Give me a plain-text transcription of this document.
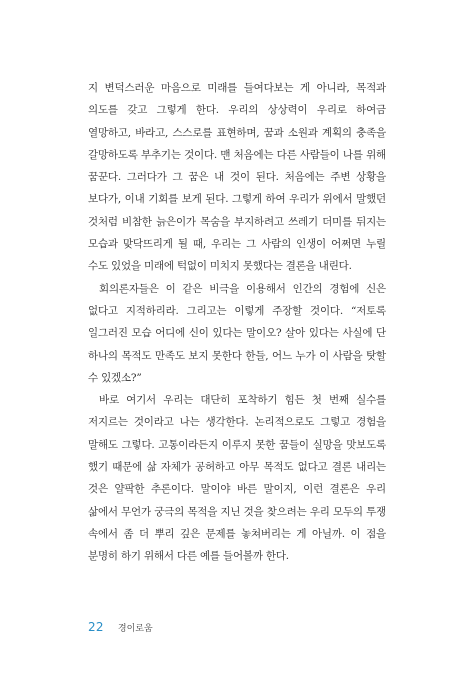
지 변덕스러운 마음으로 미래를 들여다보는 게 아니라, 목적과 의도를 갖고 그렇게 한다. 우리의 상상력이 우리로 하여금 열망하고, 바라고, 스스로를 표현하며, 꿈과 소원과 계획의 충족을 갈망하도록 부추기는 것이다. 맨 처음에는 다른 사람들이 나를 위해 꿈꾼다. 그러다가 그 꿈은 내 것이 된다. 처음에는 주변 상황을 보다가, 이내 기회를 보게 된다. 그렇게 하여 우리가 위에서 말했던 것처럼 비참한 늙은이가 목숨을 부지하려고 쓰레기 더미를 뒤지는 모습과 맞닥뜨리게 될 때, 우리는 그 사람의 인생이 어쩌면 누릴 수도 있었을 미래에 턱없이 미치지 못했다는 결론을 내린다.

회의론자들은 이 같은 비극을 이용해서 인간의 경험에 신은 없다고 지적하리라. 그리고는 이렇게 주장할 것이다. “저토록 일그러진 모습 어디에 신이 있다는 말이오? 살아 있다는 사실에 단 하나의 목적도 만족도 보지 못한다 한들, 어느 누가 이 사람을 탓할 수 있겠소?”

바로 여기서 우리는 대단히 포착하기 힘든 첫 번째 실수를 저지르는 것이라고 나는 생각한다. 논리적으로도 그렇고 경험을 말해도 그렇다. 고통이라든지 이루지 못한 꿈들이 실망을 맛보도록 했기 때문에 삶 자체가 공허하고 아무 목적도 없다고 결론 내리는 것은 얄팍한 추론이다. 말이야 바른 말이지, 이런 결론은 우리 삶에서 무언가 궁극의 목적을 지닌 것을 찾으려는 우리 모두의 투쟁 속에서 좀 더 뿌리 깊은 문제를 놓쳐버리는 게 아닐까. 이 점을 분명히 하기 위해서 다른 예를 들어볼까 한다.

22 경이로움
